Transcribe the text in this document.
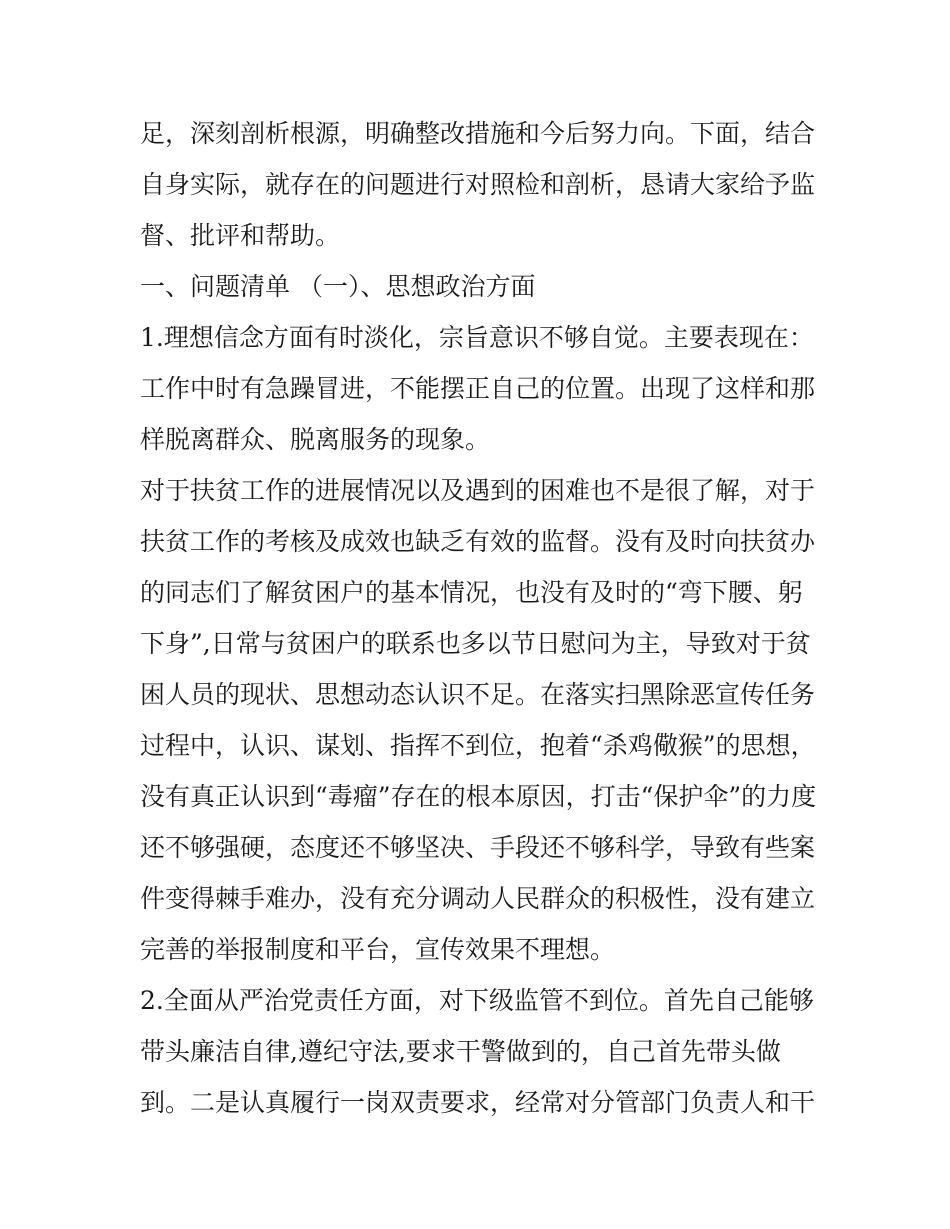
足，深刻剖析根源，明确整改措施和今后努力向。下面，结合
自身实际，就存在的问题进行对照检和剖析，恳请大家给予监
督、批评和帮助。
一、问题清单 （一）、思想政治方面
1.理想信念方面有时淡化，宗旨意识不够自觉。主要表现在：
工作中时有急躁冒进，不能摆正自己的位置。出现了这样和那
样脱离群众、脱离服务的现象。
对于扶贫工作的进展情况以及遇到的困难也不是很了解，对于
扶贫工作的考核及成效也缺乏有效的监督。没有及时向扶贫办
的同志们了解贫困户的基本情况，也没有及时的“弯下腰、躬
下身”,日常与贫困户的联系也多以节日慰问为主，导致对于贫
困人员的现状、思想动态认识不足。在落实扫黑除恶宣传任务
过程中，认识、谋划、指挥不到位，抱着“杀鸡儆猴”的思想，
没有真正认识到“毒瘤”存在的根本原因，打击“保护伞”的力度
还不够强硬，态度还不够坚决、手段还不够科学，导致有些案
件变得棘手难办，没有充分调动人民群众的积极性，没有建立
完善的举报制度和平台，宣传效果不理想。
2.全面从严治党责任方面，对下级监管不到位。首先自己能够
带头廉洁自律,遵纪守法,要求干警做到的，自己首先带头做
到。二是认真履行一岗双责要求，经常对分管部门负责人和干
